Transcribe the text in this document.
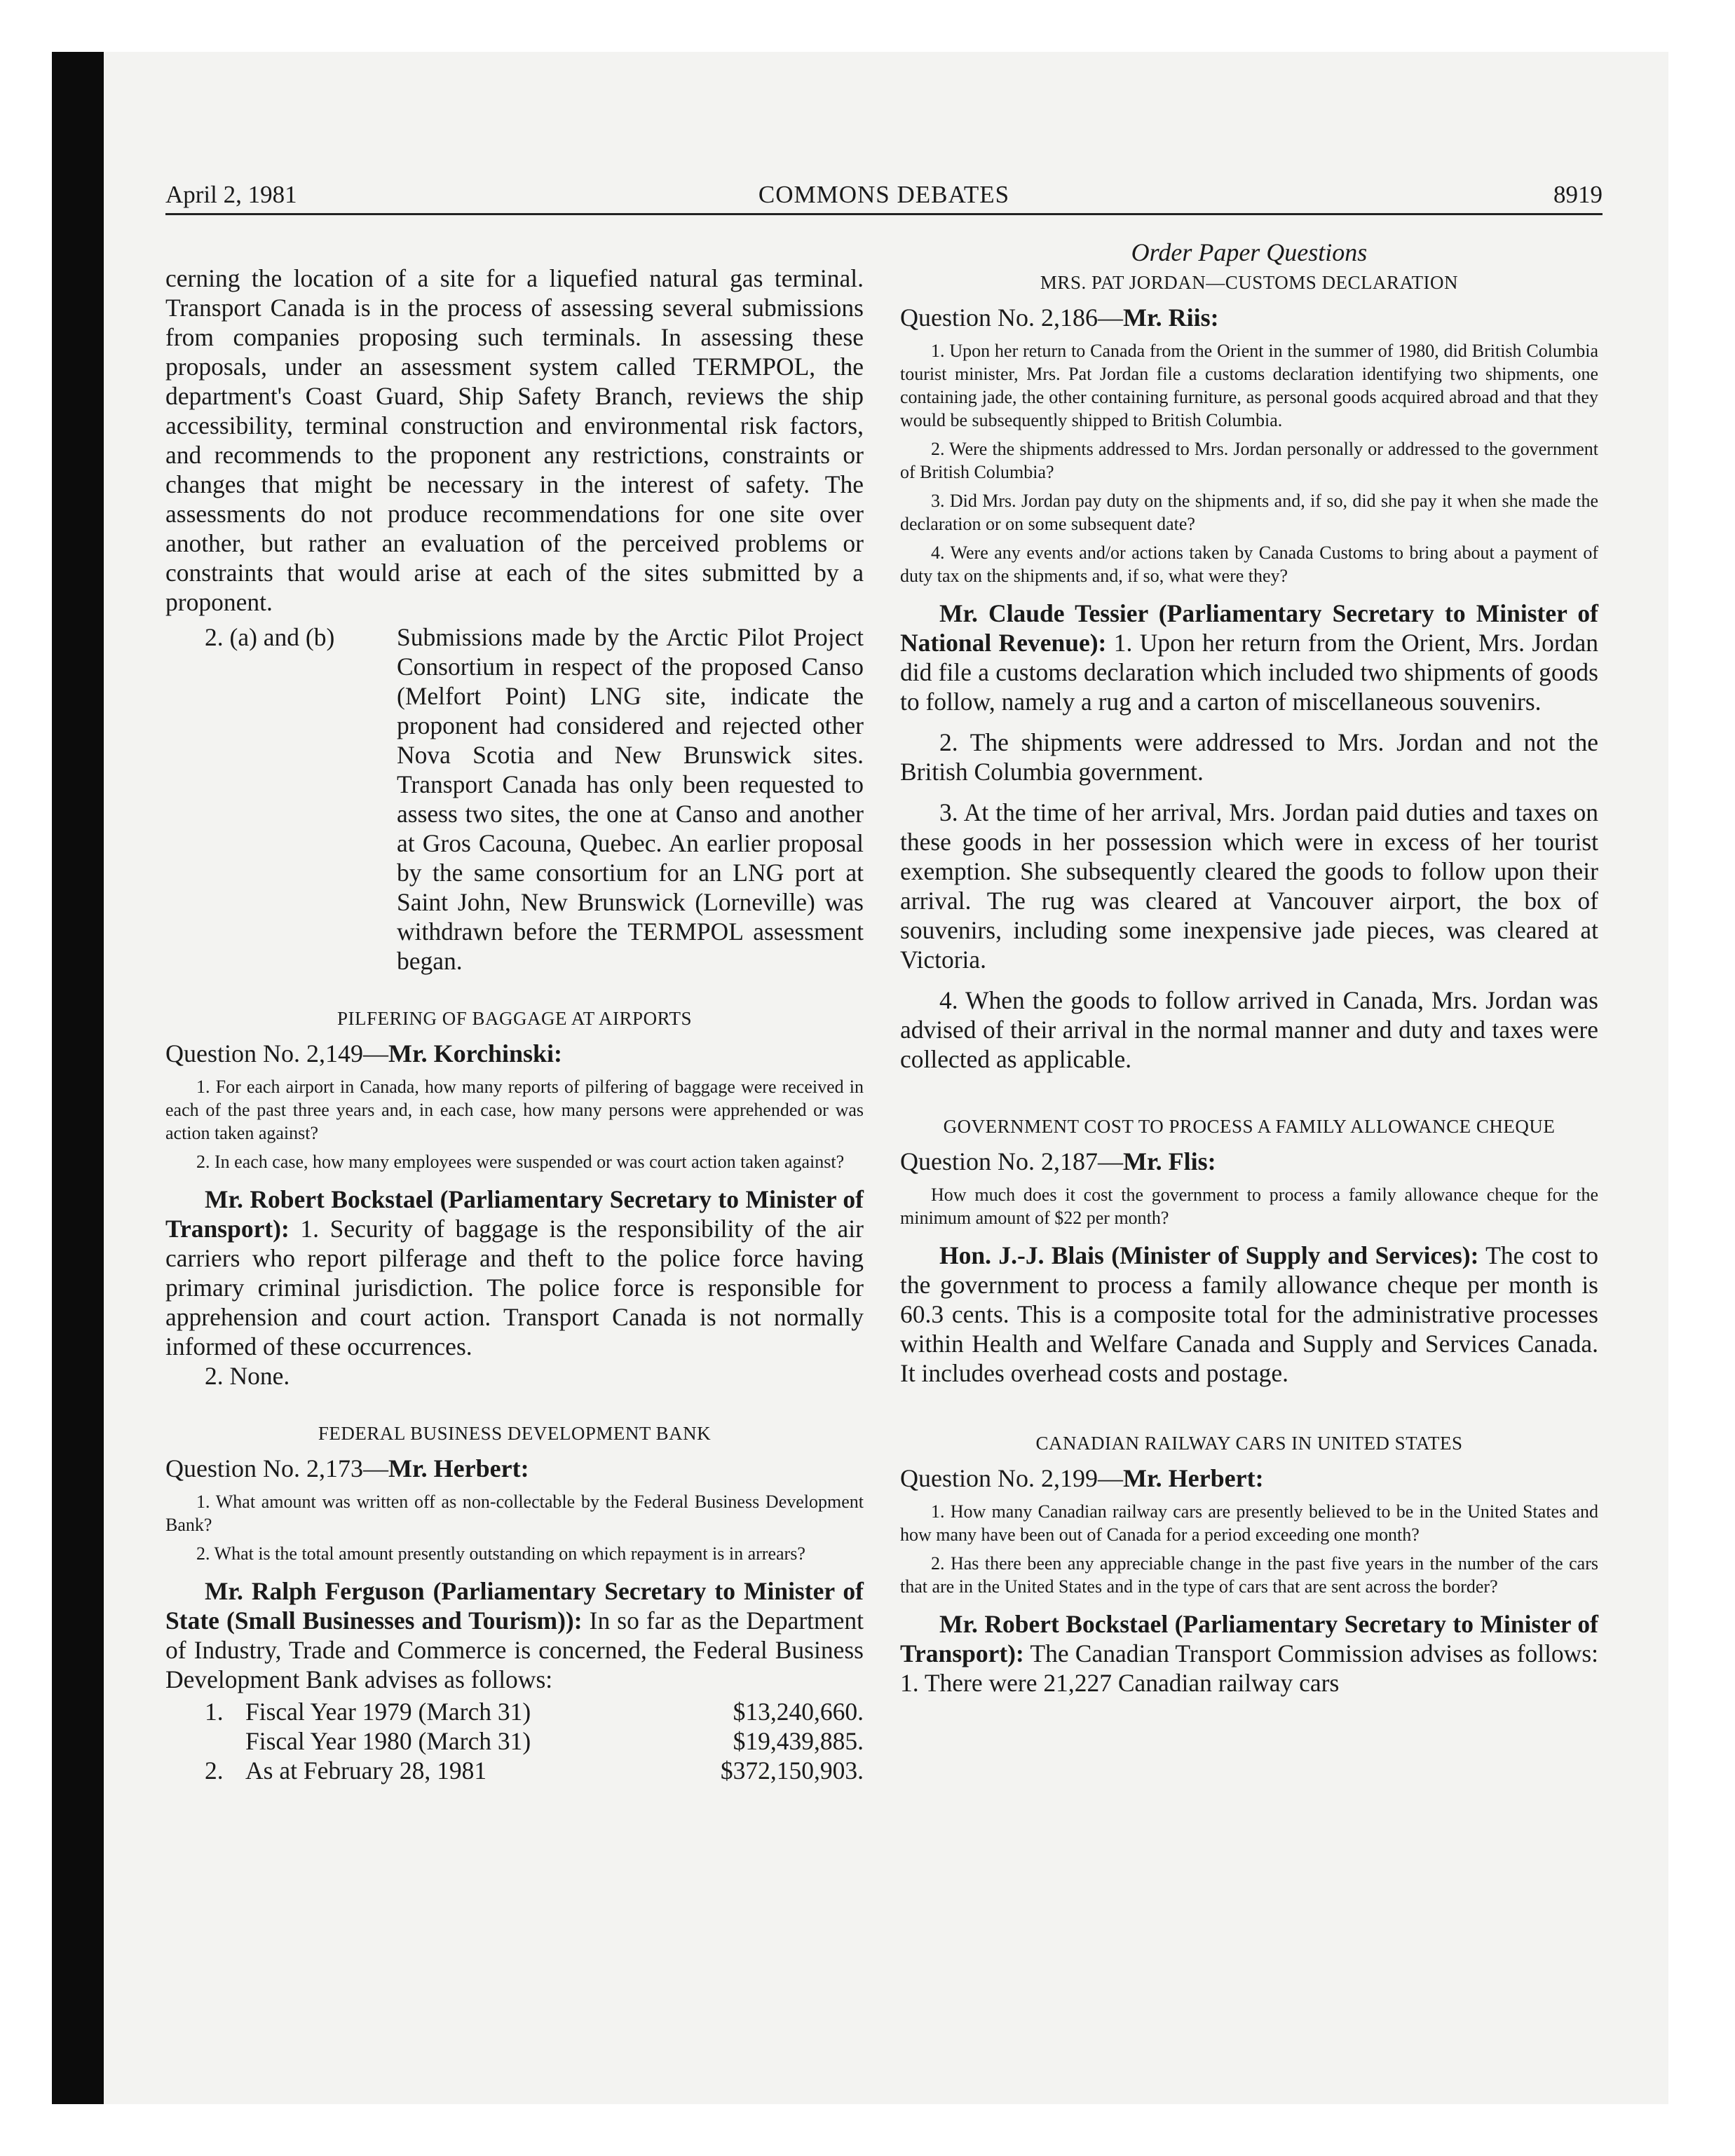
April 2, 1981	COMMONS DEBATES	8919

cerning the location of a site for a liquefied natural gas terminal. Transport Canada is in the process of assessing several submissions from companies proposing such terminals. In assessing these proposals, under an assessment system called TERMPOL, the department's Coast Guard, Ship Safety Branch, reviews the ship accessibility, terminal construction and environmental risk factors, and recommends to the proponent any restrictions, constraints or changes that might be necessary in the interest of safety. The assessments do not produce recommendations for one site over another, but rather an evaluation of the perceived problems or constraints that would arise at each of the sites submitted by a proponent.

2. (a) and (b)	Submissions made by the Arctic Pilot Project Consortium in respect of the proposed Canso (Melfort Point) LNG site, indicate the proponent had considered and rejected other Nova Scotia and New Brunswick sites. Transport Canada has only been requested to assess two sites, the one at Canso and another at Gros Cacouna, Quebec. An earlier proposal by the same consortium for an LNG port at Saint John, New Brunswick (Lorneville) was withdrawn before the TERMPOL assessment began.

PILFERING OF BAGGAGE AT AIRPORTS

Question No. 2,149—Mr. Korchinski:

1. For each airport in Canada, how many reports of pilfering of baggage were received in each of the past three years and, in each case, how many persons were apprehended or was action taken against?

2. In each case, how many employees were suspended or was court action taken against?

Mr. Robert Bockstael (Parliamentary Secretary to Minister of Transport): 1. Security of baggage is the responsibility of the air carriers who report pilferage and theft to the police force having primary criminal jurisdiction. The police force is responsible for apprehension and court action. Transport Canada is not normally informed of these occurrences.

2. None.

FEDERAL BUSINESS DEVELOPMENT BANK

Question No. 2,173—Mr. Herbert:

1. What amount was written off as non-collectable by the Federal Business Development Bank?

2. What is the total amount presently outstanding on which repayment is in arrears?

Mr. Ralph Ferguson (Parliamentary Secretary to Minister of State (Small Businesses and Tourism)): In so far as the Department of Industry, Trade and Commerce is concerned, the Federal Business Development Bank advises as follows:

1. Fiscal Year 1979 (March 31)	$13,240,660.
Fiscal Year 1980 (March 31)	$19,439,885.
2. As at February 28, 1981	$372,150,903.

Order Paper Questions

MRS. PAT JORDAN—CUSTOMS DECLARATION

Question No. 2,186—Mr. Riis:

1. Upon her return to Canada from the Orient in the summer of 1980, did British Columbia tourist minister, Mrs. Pat Jordan file a customs declaration identifying two shipments, one containing jade, the other containing furniture, as personal goods acquired abroad and that they would be subsequently shipped to British Columbia.

2. Were the shipments addressed to Mrs. Jordan personally or addressed to the government of British Columbia?

3. Did Mrs. Jordan pay duty on the shipments and, if so, did she pay it when she made the declaration or on some subsequent date?

4. Were any events and/or actions taken by Canada Customs to bring about a payment of duty tax on the shipments and, if so, what were they?

Mr. Claude Tessier (Parliamentary Secretary to Minister of National Revenue): 1. Upon her return from the Orient, Mrs. Jordan did file a customs declaration which included two shipments of goods to follow, namely a rug and a carton of miscellaneous souvenirs.

2. The shipments were addressed to Mrs. Jordan and not the British Columbia government.

3. At the time of her arrival, Mrs. Jordan paid duties and taxes on these goods in her possession which were in excess of her tourist exemption. She subsequently cleared the goods to follow upon their arrival. The rug was cleared at Vancouver airport, the box of souvenirs, including some inexpensive jade pieces, was cleared at Victoria.

4. When the goods to follow arrived in Canada, Mrs. Jordan was advised of their arrival in the normal manner and duty and taxes were collected as applicable.

GOVERNMENT COST TO PROCESS A FAMILY ALLOWANCE CHEQUE

Question No. 2,187—Mr. Flis:

How much does it cost the government to process a family allowance cheque for the minimum amount of $22 per month?

Hon. J.-J. Blais (Minister of Supply and Services): The cost to the government to process a family allowance cheque per month is 60.3 cents. This is a composite total for the administrative processes within Health and Welfare Canada and Supply and Services Canada. It includes overhead costs and postage.

CANADIAN RAILWAY CARS IN UNITED STATES

Question No. 2,199—Mr. Herbert:

1. How many Canadian railway cars are presently believed to be in the United States and how many have been out of Canada for a period exceeding one month?

2. Has there been any appreciable change in the past five years in the number of the cars that are in the United States and in the type of cars that are sent across the border?

Mr. Robert Bockstael (Parliamentary Secretary to Minister of Transport): The Canadian Transport Commission advises as follows: 1. There were 21,227 Canadian railway cars
